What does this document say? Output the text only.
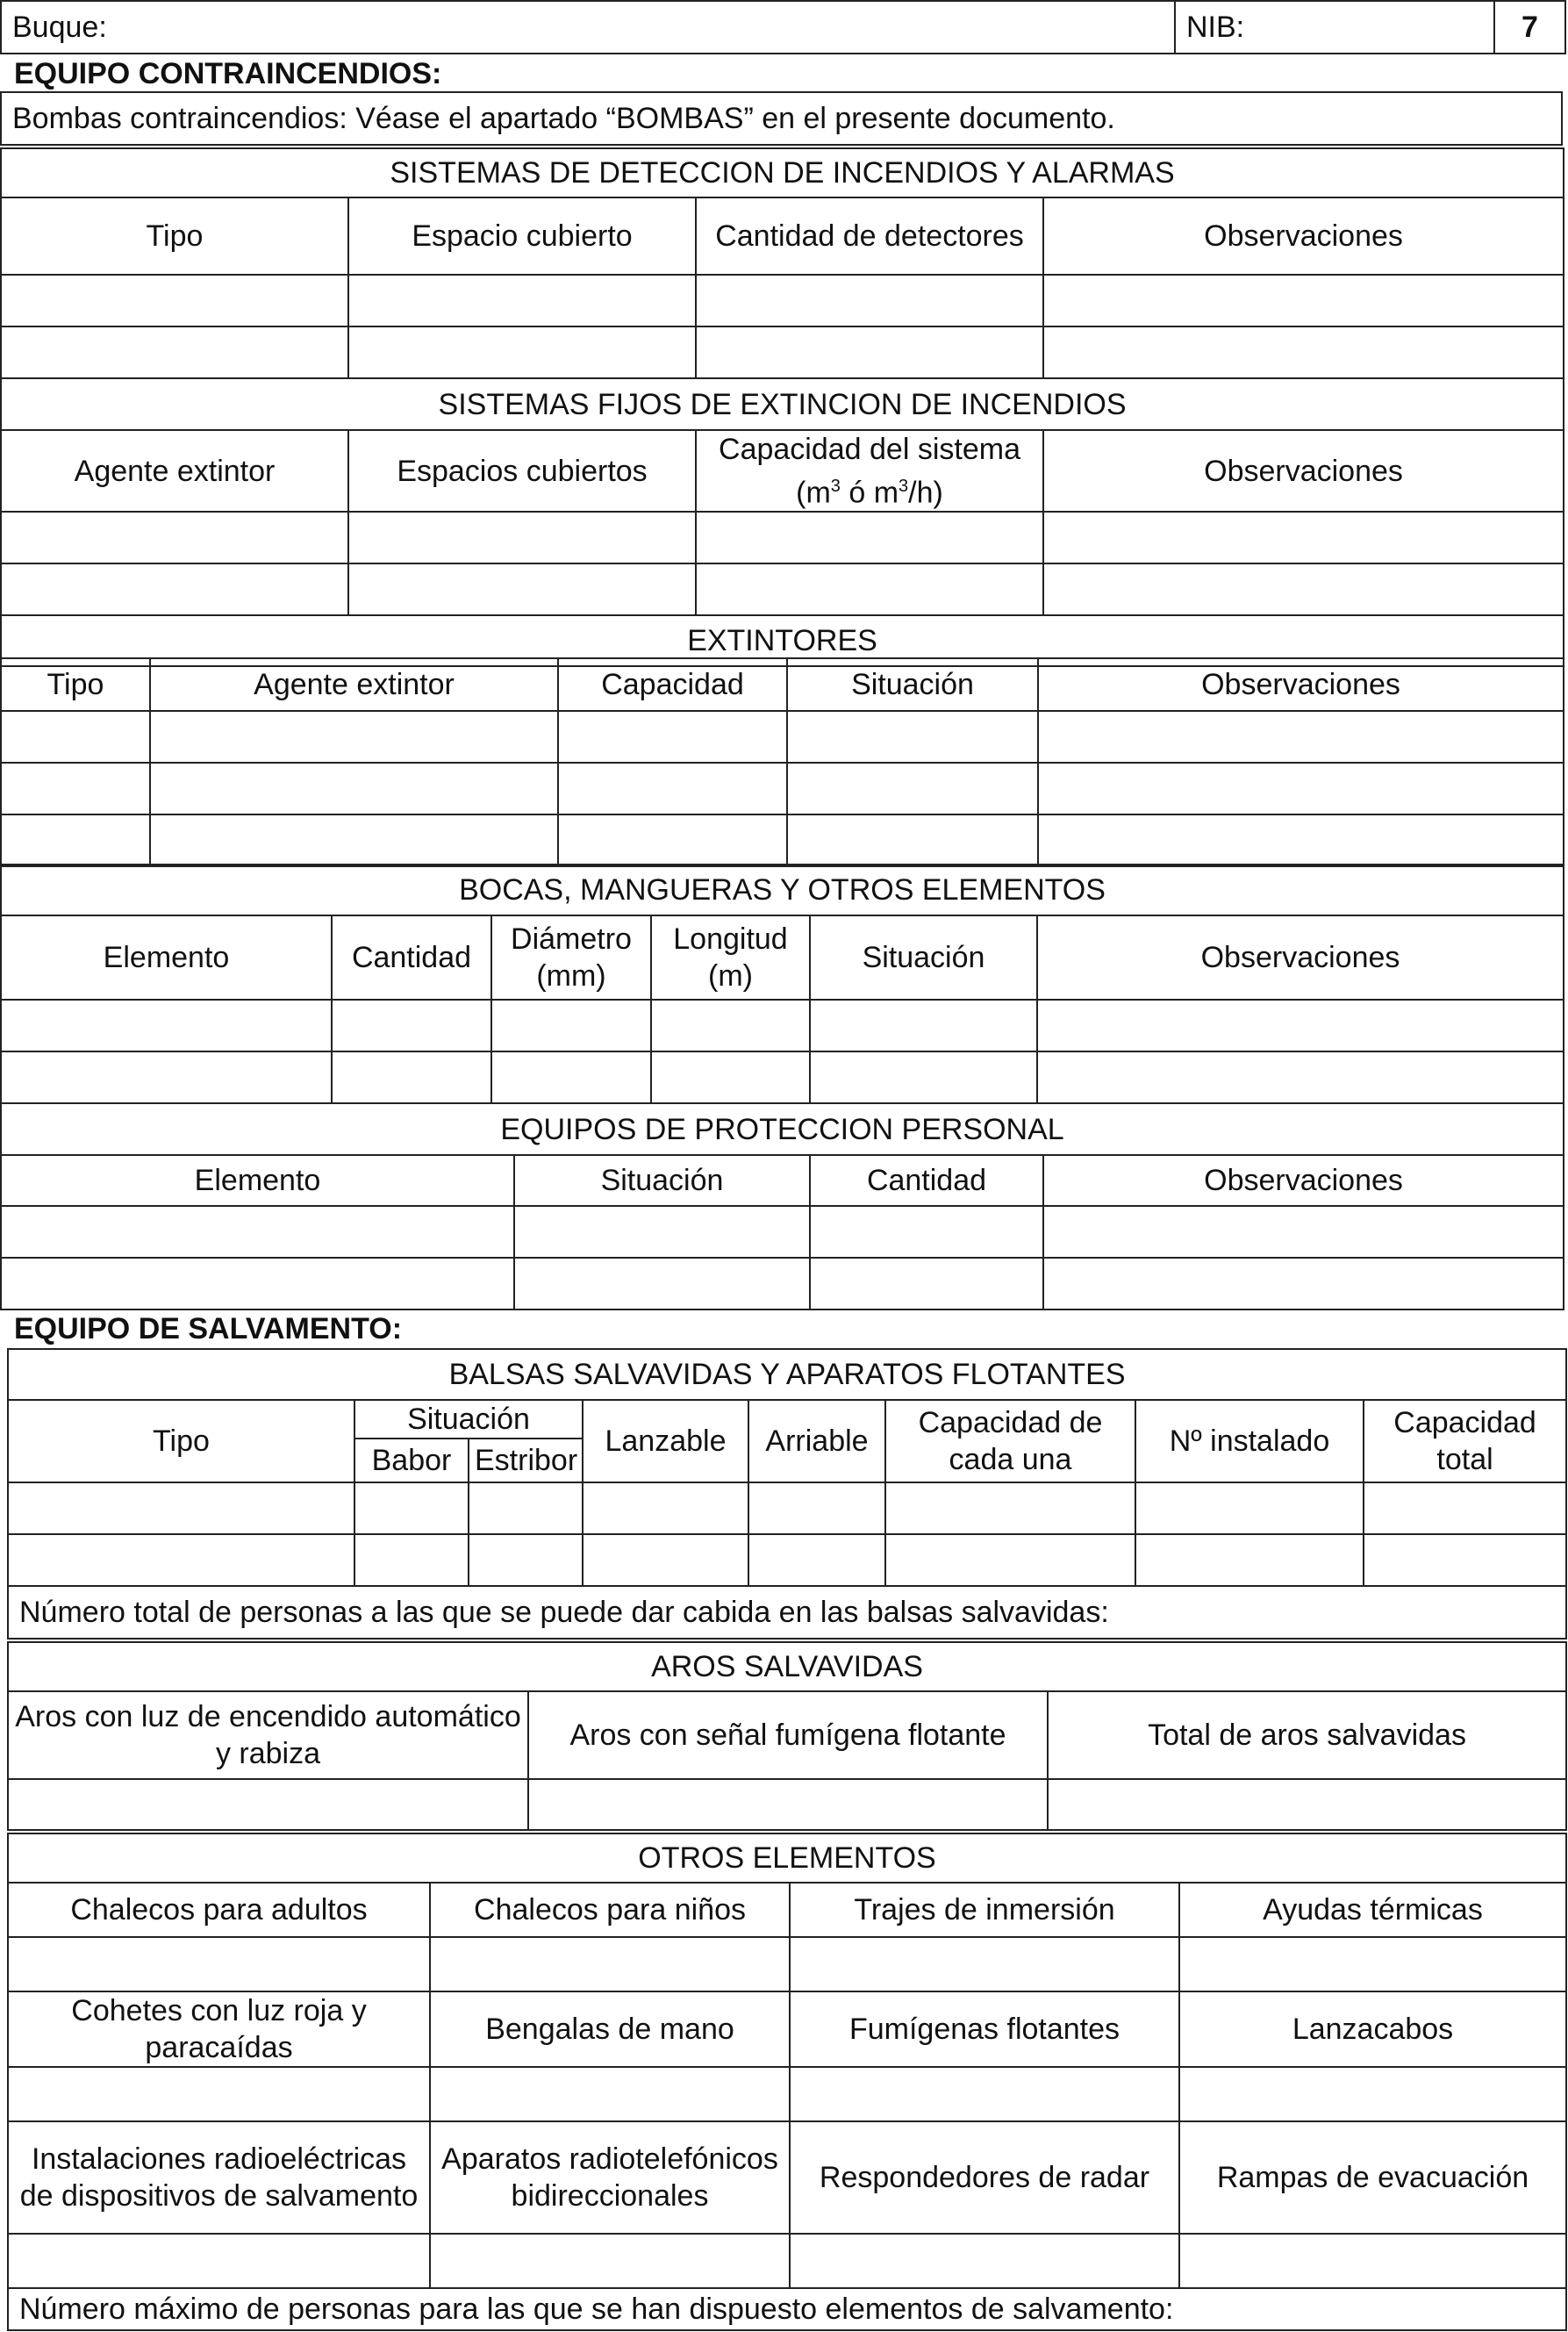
Buque:	NIB:	7
EQUIPO CONTRAINCENDIOS:
Bombas contraincendios: Véase el apartado “BOMBAS” en el presente documento.
SISTEMAS DE DETECCION DE INCENDIOS Y ALARMAS			
Tipo	Espacio cubierto	Cantidad de detectores	Observaciones

SISTEMAS FIJOS DE EXTINCION DE INCENDIOS			
Agente extintor	Espacios cubiertos	Capacidad del sistema ($m^3$ ó $m^3/h$)	Observaciones

EXTINTORES			
Tipo	Agente extintor	Capacidad	Situación	Observaciones

BOCAS, MANGUERAS Y OTROS ELEMENTOS					
Elemento	Cantidad	Diámetro (mm)	Longitud (m)	Situación	Observaciones

EQUIPOS DE PROTECCION PERSONAL			
Elemento	Situación	Cantidad	Observaciones

EQUIPO DE SALVAMENTO:
BALSAS SALVAVIDAS Y APARATOS FLOTANTES							
Tipo	Situación		Lanzable	Arriable	Capacidad de cada una	Nº instalado	Capacidad total
	Babor	Estribor					

Número total de personas a las que se puede dar cabida en las balsas salvavidas:							
AROS SALVAVIDAS		
Aros con luz de encendido automático y rabiza	Aros con señal fumígena flotante	Total de aros salvavidas

OTROS ELEMENTOS			
Chalecos para adultos	Chalecos para niños	Trajes de inmersión	Ayudas térmicas

Cohetes con luz roja y paracaídas	Bengalas de mano	Fumígenas flotantes	Lanzacabos

Instalaciones radioeléctricas de dispositivos de salvamento	Aparatos radiotelefónicos bidireccionales	Respondedores de radar	Rampas de evacuación

Número máximo de personas para las que se han dispuesto elementos de salvamento:			
